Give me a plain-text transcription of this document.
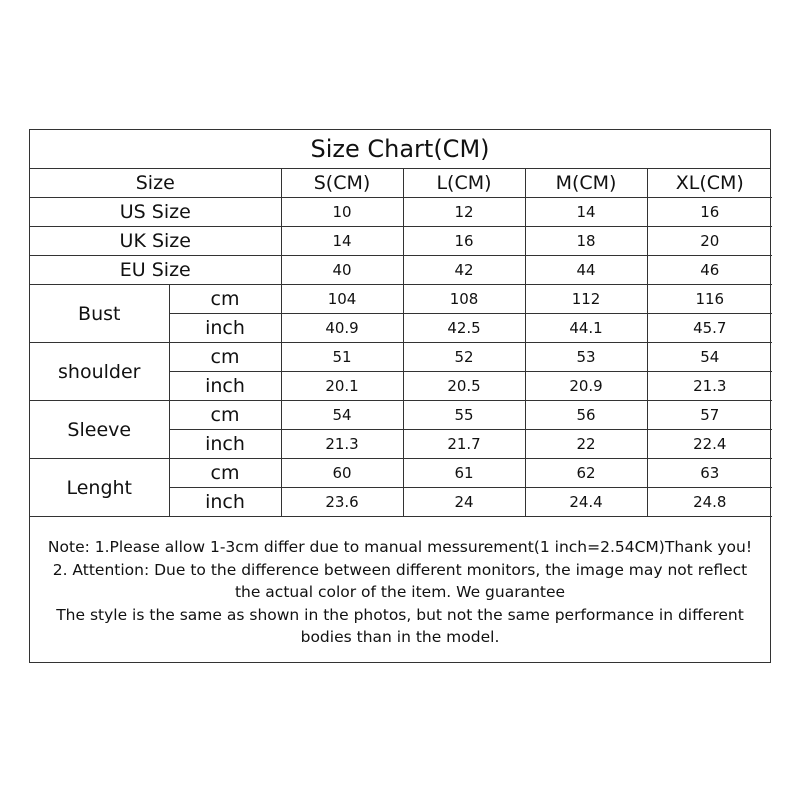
Size Chart(CM)
Size		S(CM)	L(CM)	M(CM)	XL(CM)
US Size		10	12	14	16
UK Size		14	16	18	20
EU Size		40	42	44	46
Bust	cm	104	108	112	116
	inch	40.9	42.5	44.1	45.7
shoulder	cm	51	52	53	54
	inch	20.1	20.5	20.9	21.3
Sleeve	cm	54	55	56	57
	inch	21.3	21.7	22	22.4
Lenght	cm	60	61	62	63
	inch	23.6	24	24.4	24.8
Note: 1.Please allow 1-3cm differ due to manual messurement(1 inch=2.54CM)Thank you!
2. Attention: Due to the difference between different monitors, the image may not reflect the actual color of the item. We guarantee
The style is the same as shown in the photos, but not the same performance in different bodies than in the model.
